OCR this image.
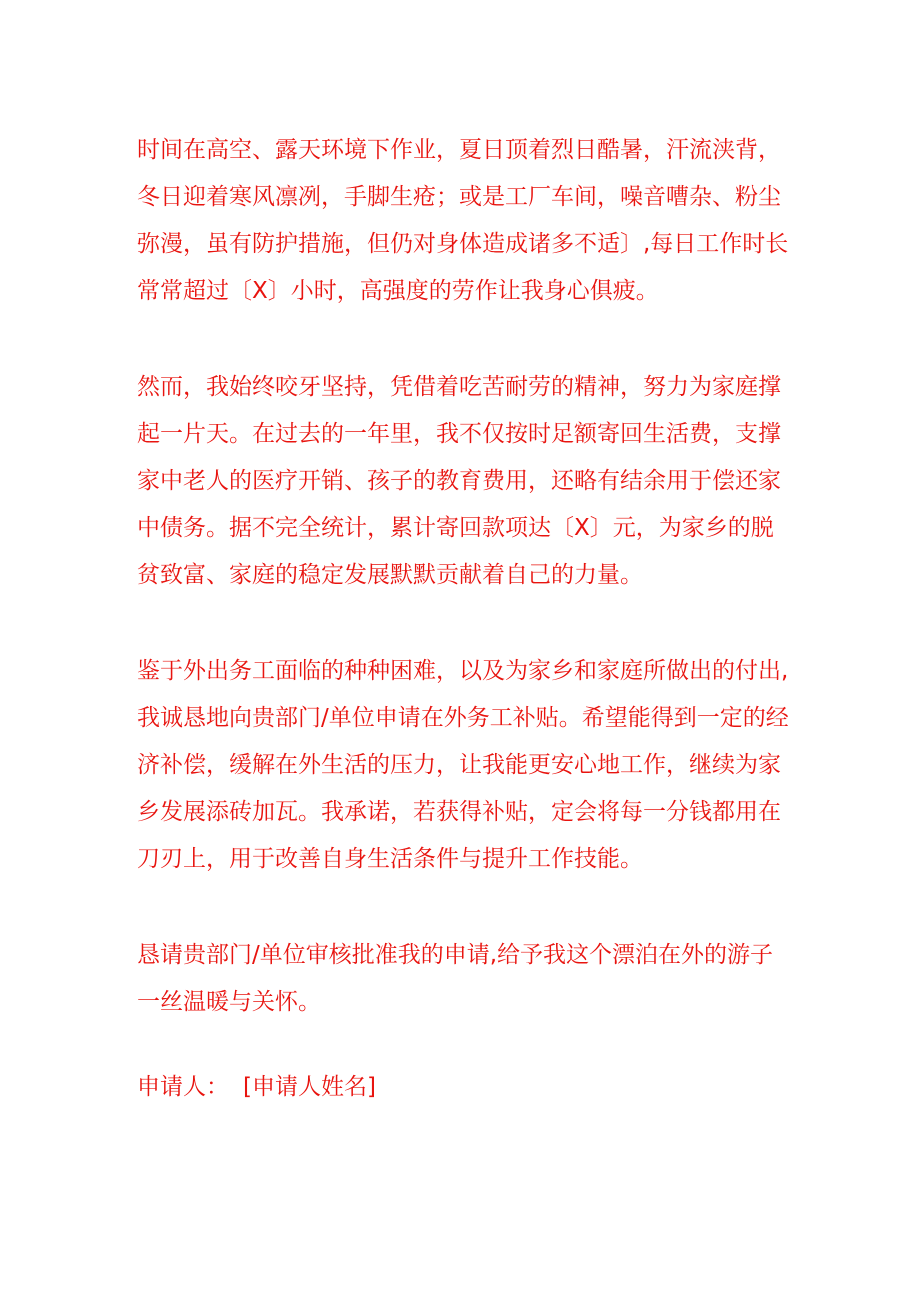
时间在高空、露天环境下作业，夏日顶着烈日酷暑，汗流浃背，
冬日迎着寒风凛冽，手脚生疮；或是工厂车间，噪音嘈杂、粉尘
弥漫，虽有防护措施，但仍对身体造成诸多不适〕,每日工作时长
常常超过〔X〕小时，高强度的劳作让我身心俱疲。
然而，我始终咬牙坚持，凭借着吃苦耐劳的精神，努力为家庭撑
起一片天。在过去的一年里，我不仅按时足额寄回生活费，支撑
家中老人的医疗开销、孩子的教育费用，还略有结余用于偿还家
中债务。据不完全统计，累计寄回款项达〔X〕元，为家乡的脱
贫致富、家庭的稳定发展默默贡献着自己的力量。
鉴于外出务工面临的种种困难，以及为家乡和家庭所做出的付出,
我诚恳地向贵部门/单位申请在外务工补贴。希望能得到一定的经
济补偿，缓解在外生活的压力，让我能更安心地工作，继续为家
乡发展添砖加瓦。我承诺，若获得补贴，定会将每一分钱都用在
刀刃上，用于改善自身生活条件与提升工作技能。
恳请贵部门/单位审核批准我的申请,给予我这个漂泊在外的游子
一丝温暖与关怀。
申请人： [申请人姓名]
